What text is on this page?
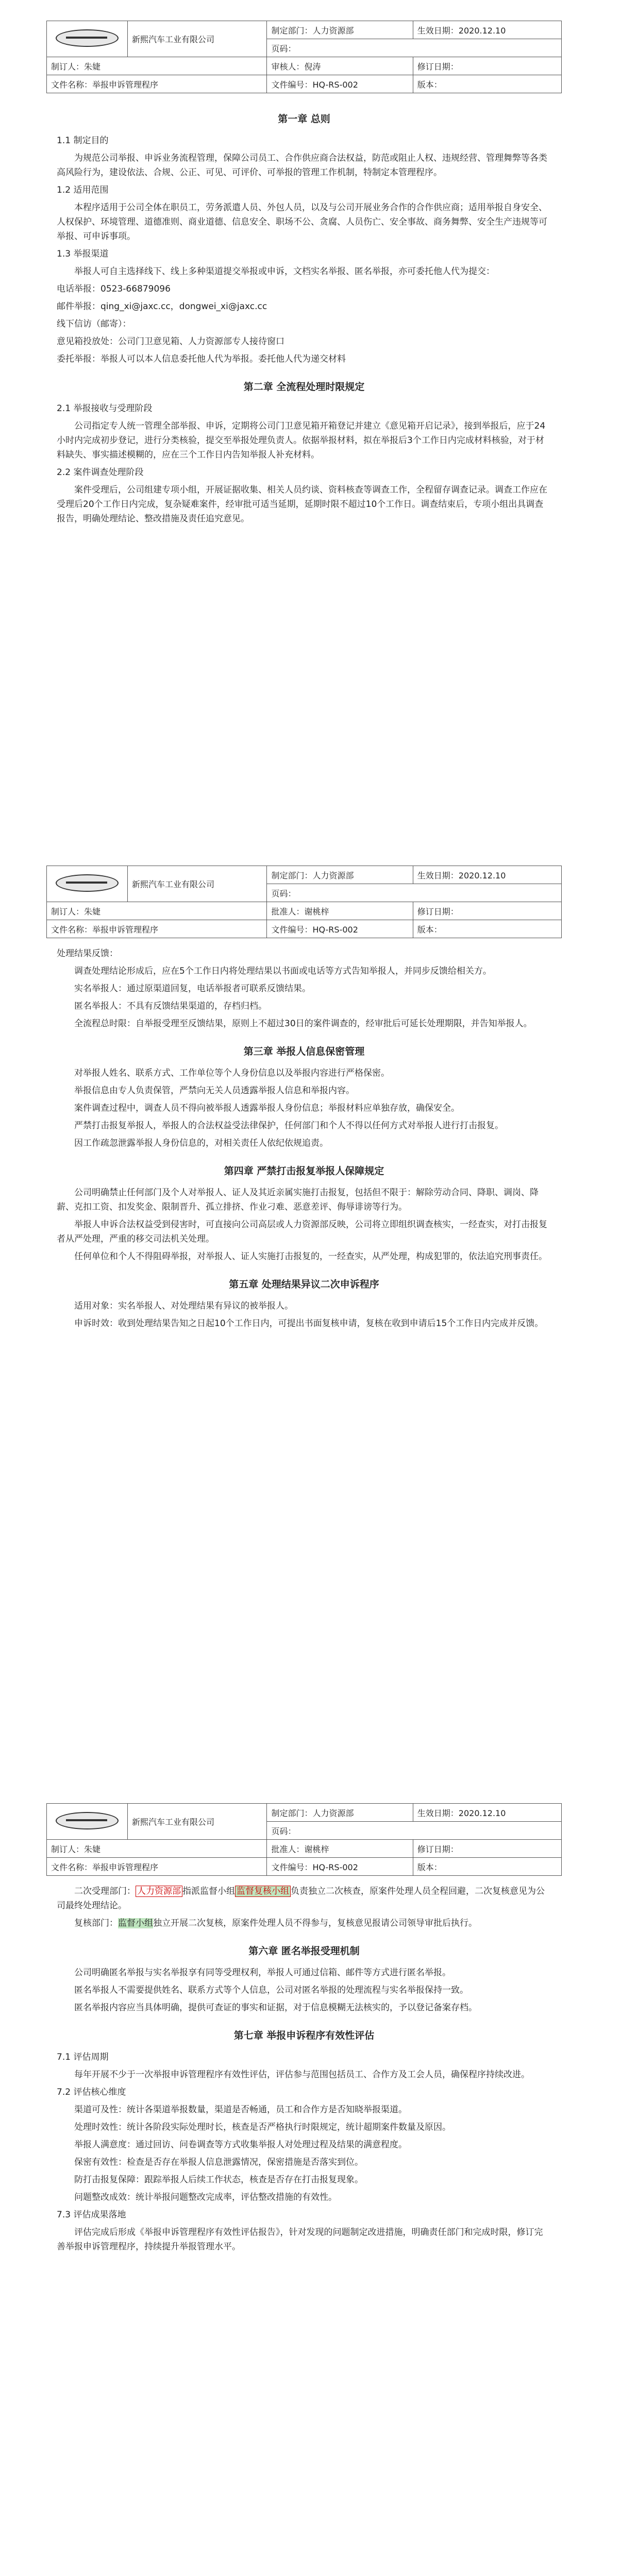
	新熙汽车工业有限公司	制定部门：人力资源部	生效日期：2020.12.10
		页码：	
制订人：朱婕		审核人：倪涛	修订日期：
文件名称：举报申诉管理程序		文件编号：HQ-RS-002	版本：
第一章 总则

1.1 制定目的

为规范公司举报、申诉业务流程管理，保障公司员工、合作供应商合法权益，防范或阻止人权、违规经营、管理舞弊等各类高风险行为，建设依法、合规、公正、可见、可评价、可举报的管理工作机制，特制定本管理程序。

1.2 适用范围

本程序适用于公司全体在职员工，劳务派遣人员、外包人员，以及与公司开展业务合作的合作供应商；适用举报自身安全、人权保护、环境管理、道德准则、商业道德、信息安全、职场不公、贪腐、人员伤亡、安全事故、商务舞弊、安全生产违规等可举报、可申诉事项。

1.3 举报渠道

举报人可自主选择线下、线上多种渠道提交举报或申诉，文档实名举报、匿名举报，亦可委托他人代为提交：

电话举报：0523-66879096

邮件举报：qing_xi@jaxc.cc，dongwei_xi@jaxc.cc

线下信访（邮寄）：

意见箱投放处：公司门卫意见箱、人力资源部专人接待窗口

委托举报：举报人可以本人信息委托他人代为举报。委托他人代为递交材料

第二章 全流程处理时限规定

2.1 举报接收与受理阶段

公司指定专人统一管理全部举报、申诉，定期将公司门卫意见箱开箱登记并建立《意见箱开启记录》，接到举报后，应于24小时内完成初步登记，进行分类核验，提交至举报处理负责人。依据举报材料，拟在举报后3个工作日内完成材料核验，对于材料缺失、事实描述模糊的，应在三个工作日内告知举报人补充材料。

2.2 案件调查处理阶段

案件受理后，公司组建专项小组，开展证据收集、相关人员约谈、资料核查等调查工作，全程留存调查记录。调查工作应在受理后20个工作日内完成，复杂疑难案件，经审批可适当延期，延期时限不超过10个工作日。调查结束后，专项小组出具调查报告，明确处理结论、整改措施及责任追究意见。

	新熙汽车工业有限公司	制定部门：人力资源部	生效日期：2020.12.10
		页码：	
制订人：朱婕		批准人：谢桃梓	修订日期：
文件名称：举报申诉管理程序		文件编号：HQ-RS-002	版本：

处理结果反馈：

调查处理结论形成后，应在5个工作日内将处理结果以书面或电话等方式告知举报人，并同步反馈给相关方。

实名举报人：通过原渠道回复，电话举报者可联系反馈结果。

匿名举报人：不具有反馈结果渠道的，存档归档。

全流程总时限：自举报受理至反馈结果，原则上不超过30日的案件调查的，经审批后可延长处理期限，并告知举报人。

第三章 举报人信息保密管理

对举报人姓名、联系方式、工作单位等个人身份信息以及举报内容进行严格保密。

举报信息由专人负责保管，严禁向无关人员透露举报人信息和举报内容。

案件调查过程中，调查人员不得向被举报人透露举报人身份信息；举报材料应单独存放，确保安全。

严禁打击报复举报人，举报人的合法权益受法律保护，任何部门和个人不得以任何方式对举报人进行打击报复。

因工作疏忽泄露举报人身份信息的，对相关责任人依纪依规追责。

第四章 严禁打击报复举报人保障规定

公司明确禁止任何部门及个人对举报人、证人及其近亲属实施打击报复，包括但不限于：解除劳动合同、降职、调岗、降薪、克扣工资、扣发奖金、限制晋升、孤立排挤、作业刁难、恶意差评、侮辱诽谤等行为。

举报人申诉合法权益受到侵害时，可直接向公司高层或人力资源部反映，公司将立即组织调查核实，一经查实，对打击报复者从严处理，严重的移交司法机关处理。

任何单位和个人不得阻碍举报，对举报人、证人实施打击报复的，一经查实，从严处理，构成犯罪的，依法追究刑事责任。

第五章 处理结果异议二次申诉程序

适用对象：实名举报人、对处理结果有异议的被举报人。

申诉时效：收到处理结果告知之日起10个工作日内，可提出书面复核申请，复核在收到申请后15个工作日内完成并反馈。

	新熙汽车工业有限公司	制定部门：人力资源部	生效日期：2020.12.10
		页码：	
制订人：朱婕		批准人：谢桃梓	修订日期：
文件名称：举报申诉管理程序		文件编号：HQ-RS-002	版本：

二次受理部门： 人力资源部 指派监督小组 监督复核小组 负责独立二次核查，原案件处理人员全程回避，二次复核意见为公司最终处理结论。

复核部门：监督小组独立开展二次复核，原案件处理人员不得参与，复核意见报请公司领导审批后执行。

第六章 匿名举报受理机制

公司明确匿名举报与实名举报享有同等受理权利，举报人可通过信箱、邮件等方式进行匿名举报。

匿名举报人不需要提供姓名、联系方式等个人信息，公司对匿名举报的处理流程与实名举报保持一致。

匿名举报内容应当具体明确，提供可查证的事实和证据，对于信息模糊无法核实的，予以登记备案存档。

第七章 举报申诉程序有效性评估

7.1 评估周期

每年开展不少于一次举报申诉管理程序有效性评估，评估参与范围包括员工、合作方及工会人员，确保程序持续改进。

7.2 评估核心维度

渠道可及性：统计各渠道举报数量，渠道是否畅通，员工和合作方是否知晓举报渠道。

处理时效性：统计各阶段实际处理时长，核查是否严格执行时限规定，统计超期案件数量及原因。

举报人满意度：通过回访、问卷调查等方式收集举报人对处理过程及结果的满意程度。

保密有效性：检查是否存在举报人信息泄露情况，保密措施是否落实到位。

防打击报复保障：跟踪举报人后续工作状态，核查是否存在打击报复现象。

问题整改成效：统计举报问题整改完成率，评估整改措施的有效性。

7.3 评估成果落地

评估完成后形成《举报申诉管理程序有效性评估报告》，针对发现的问题制定改进措施，明确责任部门和完成时限，修订完善举报申诉管理程序，持续提升举报管理水平。
